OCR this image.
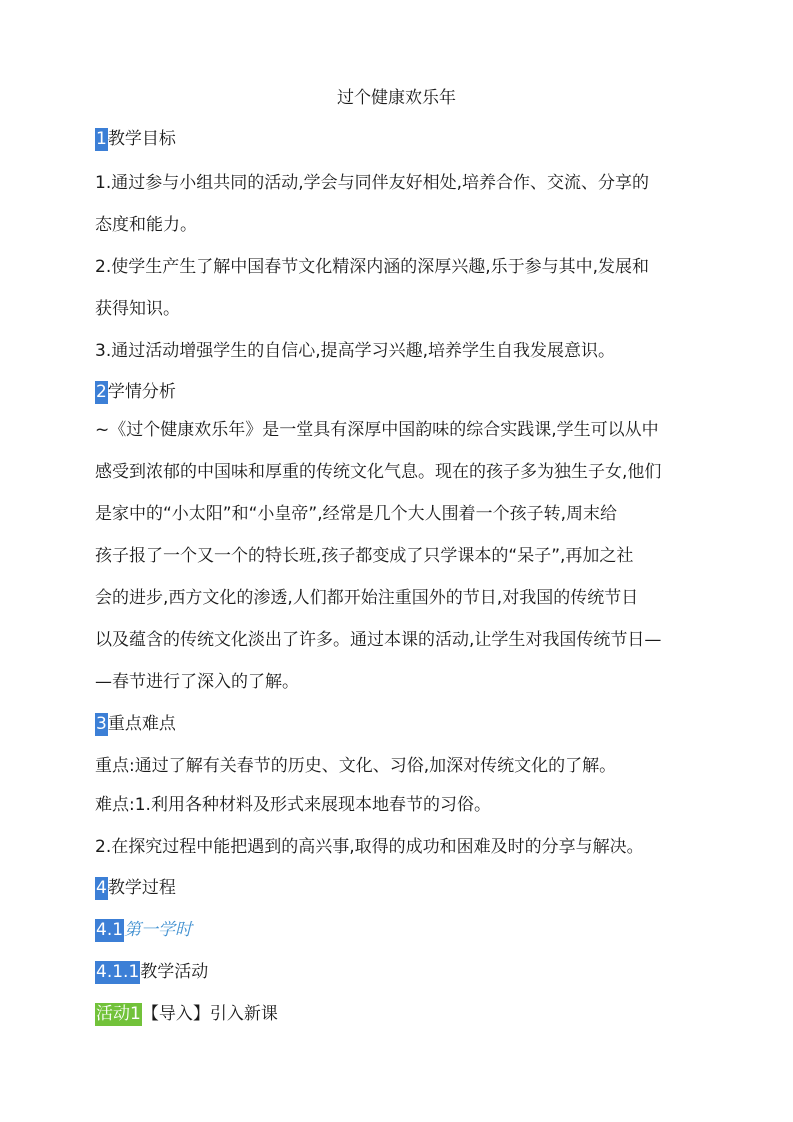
过个健康欢乐年
1教学目标
1.通过参与小组共同的活动,学会与同伴友好相处,培养合作、交流、分享的
态度和能力。
2.使学生产生了解中国春节文化精深内涵的深厚兴趣,乐于参与其中,发展和
获得知识。
3.通过活动增强学生的自信心,提高学习兴趣,培养学生自我发展意识。
2学情分析
~《过个健康欢乐年》是一堂具有深厚中国韵味的综合实践课,学生可以从中
感受到浓郁的中国味和厚重的传统文化气息。现在的孩子多为独生子女,他们
是家中的“小太阳”和“小皇帝”,经常是几个大人围着一个孩子转,周末给
孩子报了一个又一个的特长班,孩子都变成了只学课本的“呆子”,再加之社
会的进步,西方文化的渗透,人们都开始注重国外的节日,对我国的传统节日
以及蕴含的传统文化淡出了许多。通过本课的活动,让学生对我国传统节日—
—春节进行了深入的了解。
3重点难点
重点:通过了解有关春节的历史、文化、习俗,加深对传统文化的了解。
难点:1.利用各种材料及形式来展现本地春节的习俗。
2.在探究过程中能把遇到的高兴事,取得的成功和困难及时的分享与解决。
4教学过程
4.1第一学时
4.1.1教学活动
活动1【导入】引入新课
